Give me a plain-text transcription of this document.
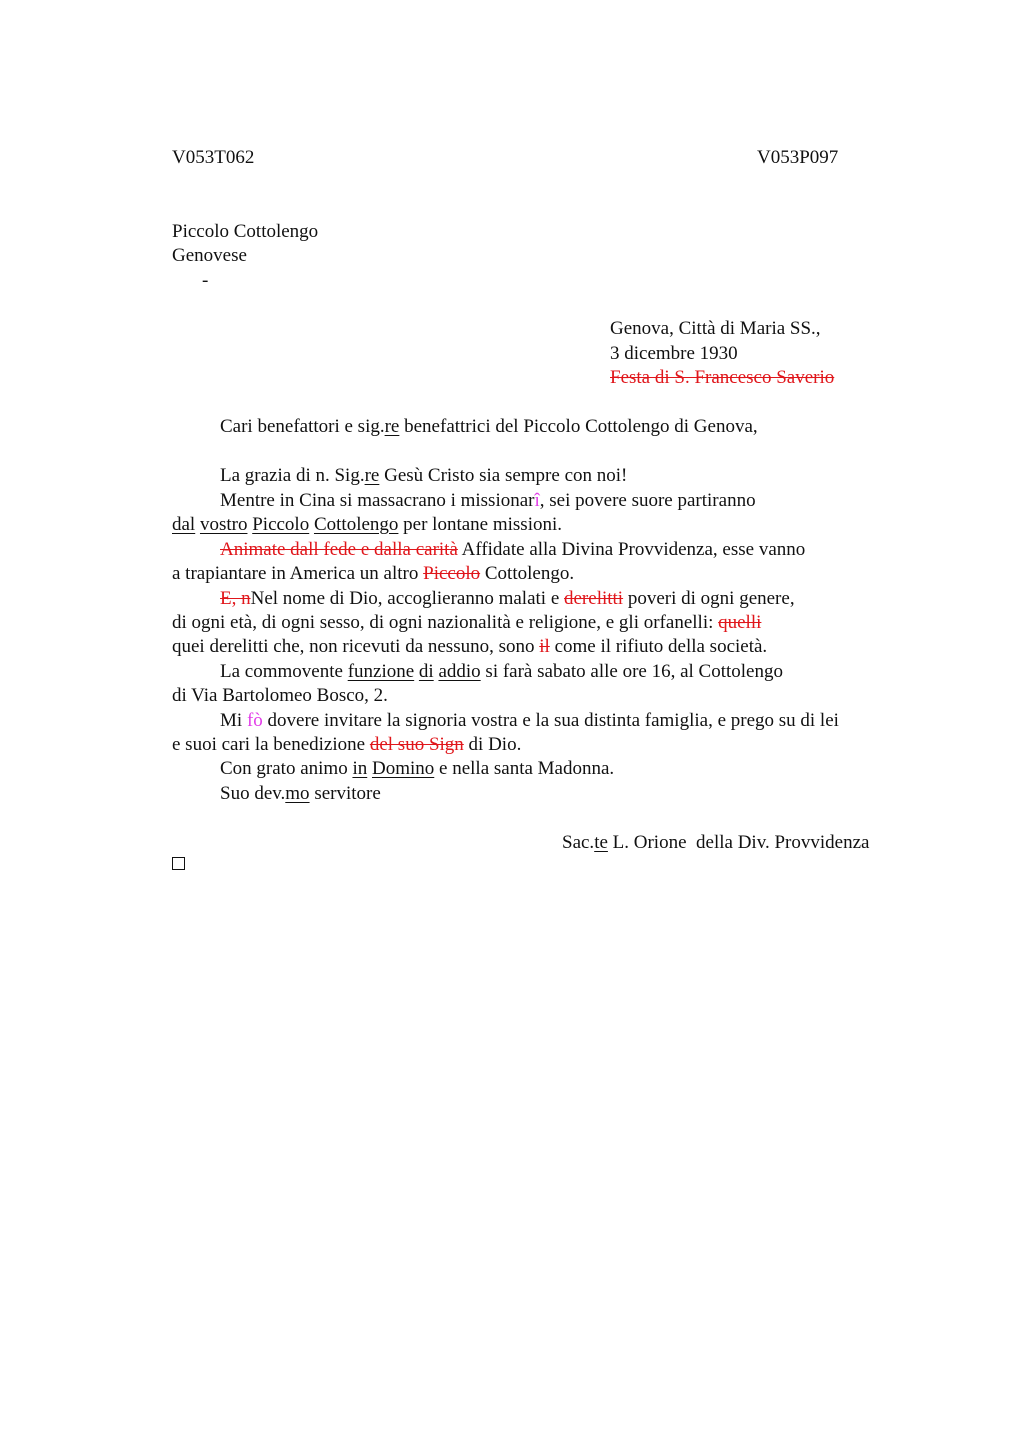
V053T062	V053P097
Piccolo Cottolengo
Genovese
-
Genova, Città di Maria SS.,
3 dicembre 1930
Festa di S. Francesco Saverio
Cari benefattori e sig.re benefattrici del Piccolo Cottolengo di Genova,
La grazia di n. Sig.re Gesù Cristo sia sempre con noi!
Mentre in Cina si massacrano i missionarî, sei povere suore partiranno
dal vostro Piccolo Cottolengo per lontane missioni.
Animate dall fede e dalla carità Affidate alla Divina Provvidenza, esse vanno
a trapiantare in America un altro Piccolo Cottolengo.
E, nNel nome di Dio, accoglieranno malati e derelitti poveri di ogni genere,
di ogni età, di ogni sesso, di ogni nazionalità e religione, e gli orfanelli: quelli
quei derelitti che, non ricevuti da nessuno, sono il come il rifiuto della società.
La commovente funzione di addio si farà sabato alle ore 16, al Cottolengo
di Via Bartolomeo Bosco, 2.
Mi fò dovere invitare la signoria vostra e la sua distinta famiglia, e prego su di lei
e suoi cari la benedizione del suo Sign di Dio.
Con grato animo in Domino e nella santa Madonna.
Suo dev.mo servitore
Sac.te L. Orione  della Div. Provvidenza
